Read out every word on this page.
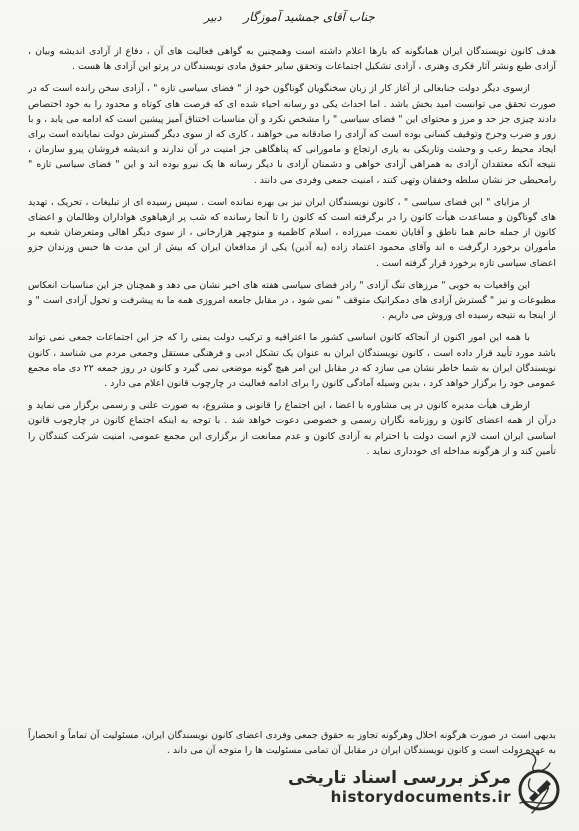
جناب آقای جمشید آموزگار دبیر

هدف کانون نویسندگان ایران همانگونه که بارها اعلام داشته است وهمچنین به گواهی فعالیت های آن ، دفاع از آزادی اندیشه وبیان ، آزادی طبع ونشر آثار فکری وهنری ، آزادی تشکیل اجتماعات وتحقق سایر حقوق مادی نویسندگان در پرتو این آزادی ها هست .

ازسوی دیگر دولت جنابعالی از آغاز کار از زبان سخنگویان گوناگون خود از " فضای سیاسی تازه " ، آزادی سخن رانده است که در صورت تحقق می توانست امید بخش باشد . اما احداث یکی دو رسانه احیاء شده ای که فرصت های کوتاه و محدود را به خود اختصاص دادند چیزی جز حد و مرز و محتوای این " فضای سیاسی " را مشخص نکرد و آن مناسبات اختناق آمیز پیشین است که ادامه می یابد ، و با زور و ضرب وجرح وتوقیف کسانی بوده است که آزادی را صادقانه می خواهند ، کاری که از سوی دیگر گسترش دولت نمایانده است برای ایجاد محیط رعب و وحشت وتاریکی به یاری ارتجاع و مامورانی که پناهگاهی جز امنیت در آن ندارند و اندیشه فروشان پیرو سازمان ، نتیجه آنکه معتقدان آزادی به همراهی آزادی خواهی و دشمنان آزادی با دیگر رسانه ها یک نیرو بوده اند و این " فضای سیاسی تازه " رامحیطی جز نشان سلطه وخفقان وتهی کنند ، امنیت جمعی وفردی می دانند .

از مزایای " این فضای سیاسی " ، کانون نویسندگان ایران نیز بی بهره نمانده است . سپس رسیده ای از تبلیغات ، تحریک ، تهدید های گوناگون و مساعدت هیأت کانون را در برگرفته است که کانون را تا آنجا رسانده که شب پر ازهیاهوی هواداران وظالمان و اعضای کانون از جمله خانم هما ناطق و آقایان نعمت میرزاده ، اسلام کاظمیه و منوچهر هزارخانی ، از سوی دیگر اهالی ومتعرضان شعبه بر مأموران برخورد ارگرفت ه اند وآقای محمود اعتماد زاده (به آذین) یکی از مدافعان ایران که بیش از این مدت ها حبس وزندان جزو اعضای سیاسی تازه برخورد قرار گرفته است .

این واقعیات به خوبی " مرزهای تنگ آزادی " رادر فضای سیاسی هفته های اخیر نشان می دهد و همچنان جز این مناسبات انعکاس مطبوعات و نیز " گسترش آزادی های دمکراتیک متوقف " نمی شود ، در مقابل جامعه امروزی همه ما به پیشرفت و تحول آزادی است " و از اینجا به نتیجه رسیده ای وروش می داریم .

با همه این امور اکنون از آنجاکه کانون اساسی کشور ما اعترافیه و ترکیب دولت یمنی را که جز این اجتماعات جمعی نمی تواند باشد مورد تأیید قرار داده است ، کانون نویسندگان ایران به عنوان یک تشکل ادبی و فرهنگی مستقل وجمعی مردم می شناسد ، کانون نویسندگان ایران به شما خاطر نشان می سازد که در مقابل این امر هیچ گونه موضعی نمی گیرد و کانون در روز جمعه ۲۲ دی ماه مجمع عمومی خود را برگزار خواهد کرد ، بدین وسیله آمادگی کانون را برای ادامه فعالیت در چارچوب قانون اعلام می دارد .

ازطرف هیأت مدیره کانون در پی مشاوره با اعضا ، این اجتماع را قانونی و مشروع، به صورت علنی و رسمی برگزار می نماید و درآن از همه اعضای کانون و روزنامه نگاران رسمی و خصوصی دعوت خواهد شد . با توجه به اینکه اجتماع کانون در چارچوب قانون اساسی ایران است لازم است دولت با احترام به آزادی کانون و عدم ممانعت از برگزاری این مجمع عمومی، امنیت شرکت کنندگان را تأمین کند و از هرگونه مداخله ای خودداری نماید .

بدیهی است در صورت هرگونه اخلال وهرگونه تجاوز به حقوق جمعی وفردی اعضای کانون نویسندگان ایران، مسئولیت آن تماماً و انحصاراً به عهده دولت است و کانون نویسندگان ایران در مقابل آن تمامی مسئولیت ها را متوجه آن می داند .
مرکز بررسی اسناد تاریخی
historydocuments.ir
